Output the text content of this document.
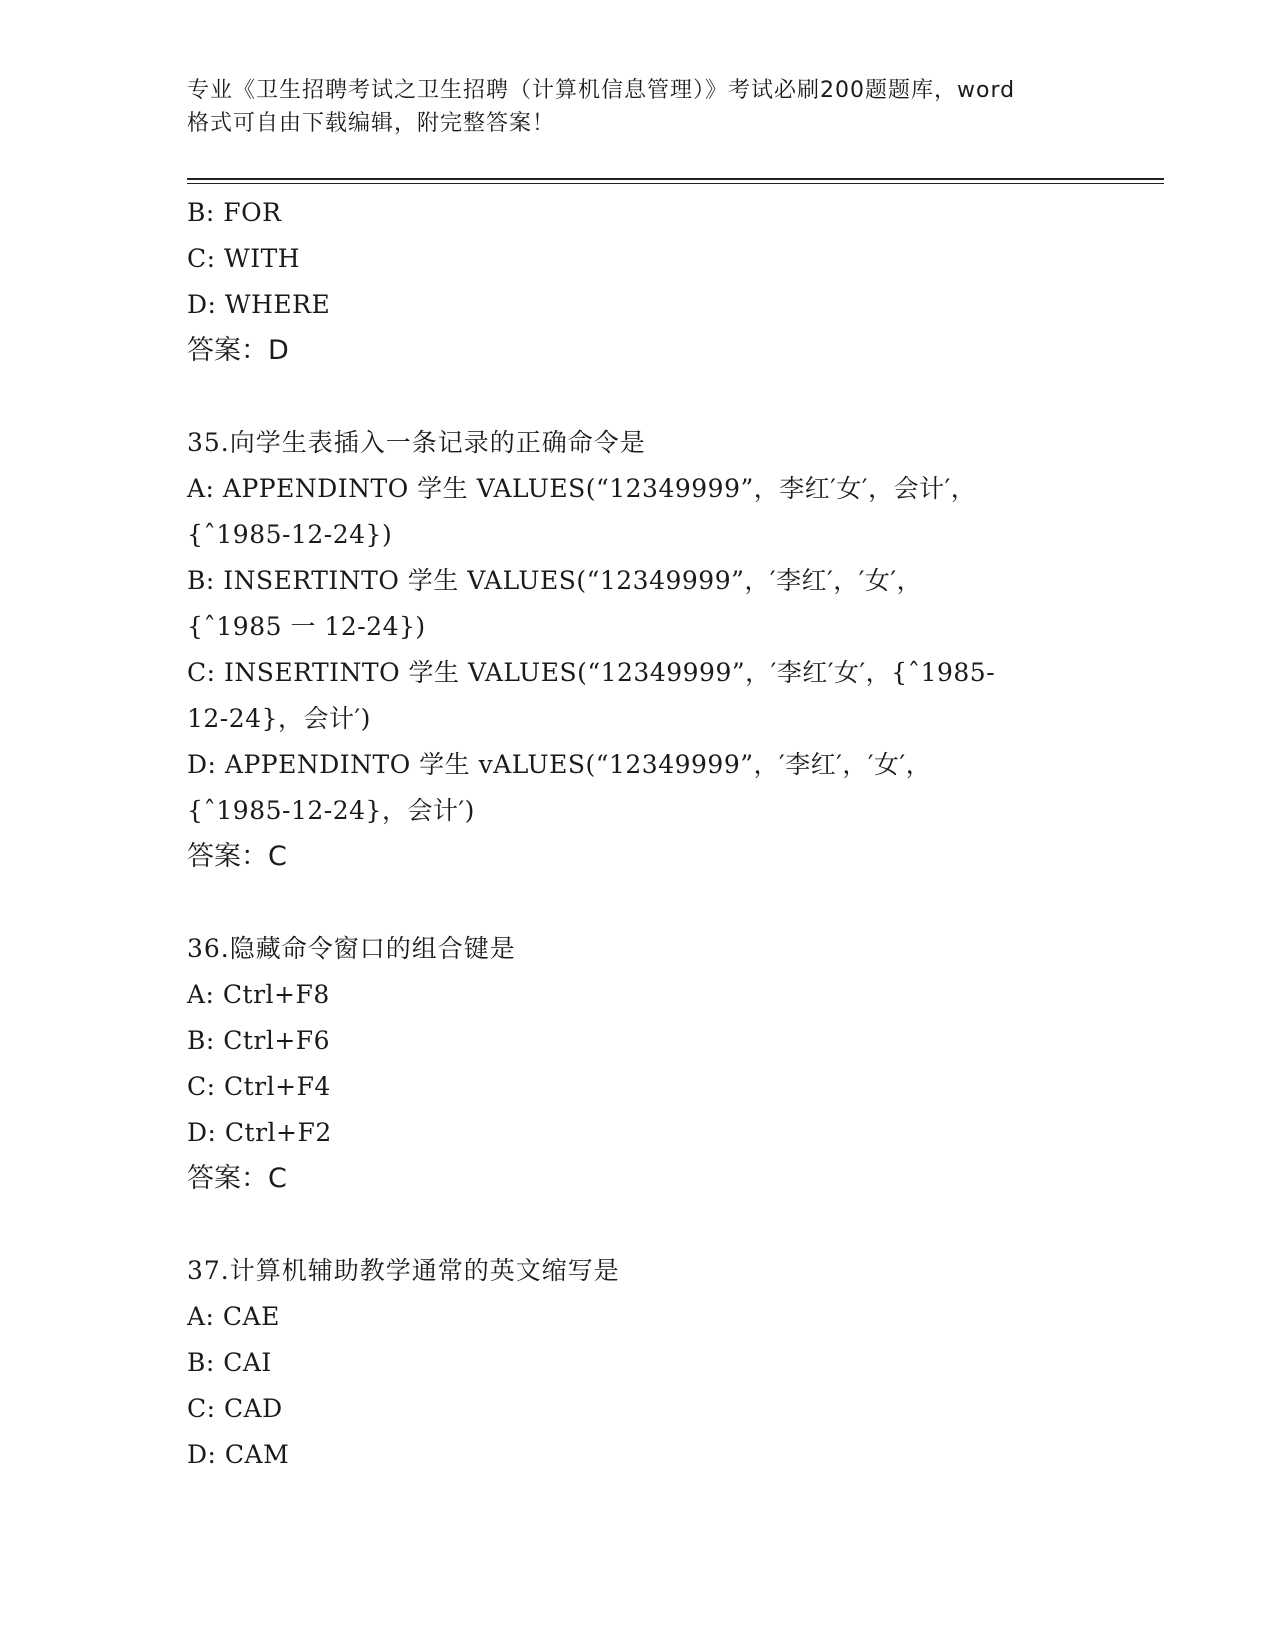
专业《卫生招聘考试之卫生招聘（计算机信息管理）》考试必刷200题题库，word
格式可自由下载编辑，附完整答案！
B: FOR
C: WITH
D: WHERE
答案：D
35.向学生表插入一条记录的正确命令是
A: APPENDINTO 学生 VALUES(“12349999”，李红′女′，会计′，
{ˆ1985-12-24})
B: INSERTINTO 学生 VALUES(“12349999”，′李红′，′女′，
{ˆ1985 一 12-24})
C: INSERTINTO 学生 VALUES(“12349999”，′李红′女′，{ˆ1985-
12-24}，会计′)
D: APPENDINTO 学生 vALUES(“12349999”，′李红′，′女′，
{ˆ1985-12-24}，会计′)
答案：C
36.隐藏命令窗口的组合键是
A: Ctrl+F8
B: Ctrl+F6
C: Ctrl+F4
D: Ctrl+F2
答案：C
37.计算机辅助教学通常的英文缩写是
A: CAE
B: CAI
C: CAD
D: CAM
